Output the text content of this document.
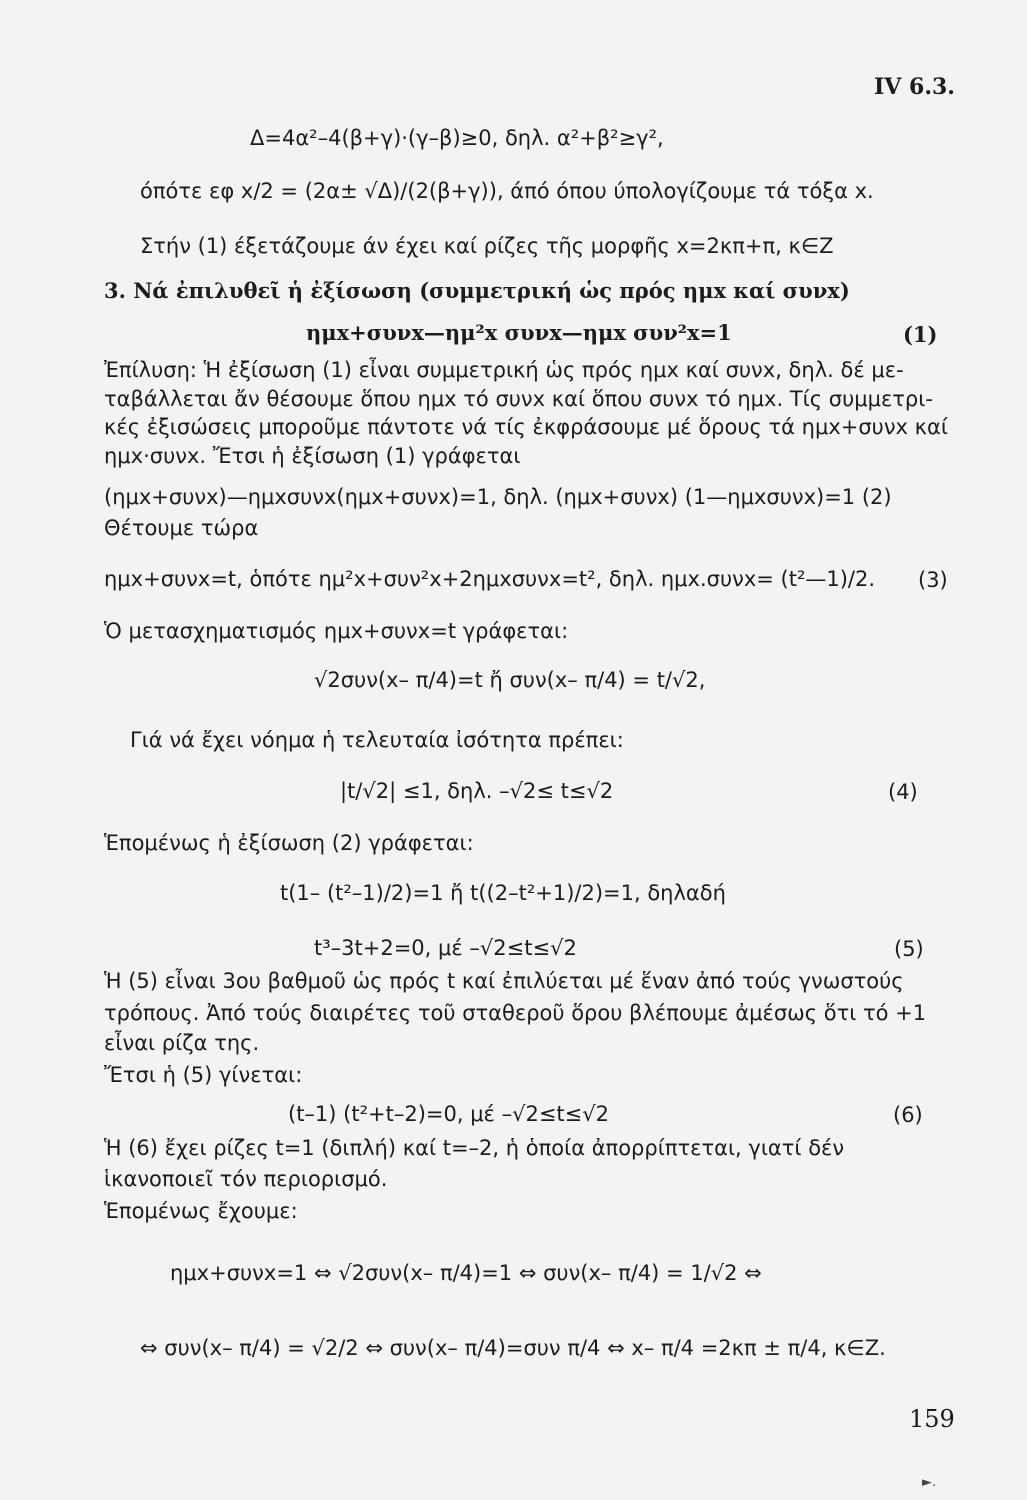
IV 6.3.
Δ=4α²–4(β+γ)·(γ–β)≥0, δηλ. α²+β²≥γ²,
όπότε εφ x/2 = (2α± √Δ)/(2(β+γ)), άπό όπου ύπολογίζουμε τά τόξα x.
Στήν (1) έξετάζουμε άν έχει καί ρίζες τῆς μορφῆς x=2κπ+π, κ∈Z
3. Νά ἐπιλυθεῖ ἡ ἐξίσωση (συμμετρική ὡς πρός ημx καί συνx)
ημx+συνx—ημ²x συνx—ημx συν²x=1	(1)
Ἐπίλυση: Ἡ ἐξίσωση (1) εἶναι συμμετρική ὡς πρός ημx καί συνx, δηλ. δέ με-
ταβάλλεται ἄν θέσουμε ὅπου ημx τό συνx καί ὅπου συνx τό ημx. Τίς συμμετρι-
κές ἐξισώσεις μποροῦμε πάντοτε νά τίς ἐκφράσουμε μέ ὅρους τά ημx+συνx καί
ημx·συνx. Ἔτσι ἡ ἐξίσωση (1) γράφεται
(ημx+συνx)—ημxσυνx(ημx+συνx)=1, δηλ. (ημx+συνx) (1—ημxσυνx)=1 (2)
Θέτουμε τώρα
ημx+συνx=t, ὁπότε ημ²x+συν²x+2ημxσυνx=t², δηλ. ημx.συνx= (t²—1)/2. (3)
Ὁ μετασχηματισμός ημx+συνx=t γράφεται:
√2συν(x– π/4)=t ἤ συν(x– π/4) = t/√2,
Γιά νά ἔχει νόημα ἡ τελευταία ἰσότητα πρέπει:
|t/√2| ≤1, δηλ. –√2≤ t≤√2	(4)
Ἑπομένως ἡ ἐξίσωση (2) γράφεται:
t(1– (t²–1)/2)=1 ἤ t((2–t²+1)/2)=1, δηλαδή
t³–3t+2=0, μέ –√2≤t≤√2	(5)
Ἡ (5) εἶναι 3ου βαθμοῦ ὡς πρός t καί ἐπιλύεται μέ ἕναν ἀπό τούς γνωστούς
τρόπους. Ἀπό τούς διαιρέτες τοῦ σταθεροῦ ὅρου βλέπουμε ἀμέσως ὅτι τό +1
εἶναι ρίζα της.
Ἔτσι ἡ (5) γίνεται:
(t–1) (t²+t–2)=0, μέ –√2≤t≤√2	(6)
Ἡ (6) ἔχει ρίζες t=1 (διπλή) καί t=–2, ἡ ὁποία ἀπορρίπτεται, γιατί δέν
ἱκανοποιεῖ τόν περιορισμό.
Ἑπομένως ἔχουμε:
ημx+συνx=1 ⇔ √2συν(x– π/4)=1 ⇔ συν(x– π/4) = 1/√2 ⇔
⇔ συν(x– π/4) = √2/2 ⇔ συν(x– π/4)=συν π/4 ⇔ x– π/4 =2κπ ± π/4, κ∈Z.
159
►.
